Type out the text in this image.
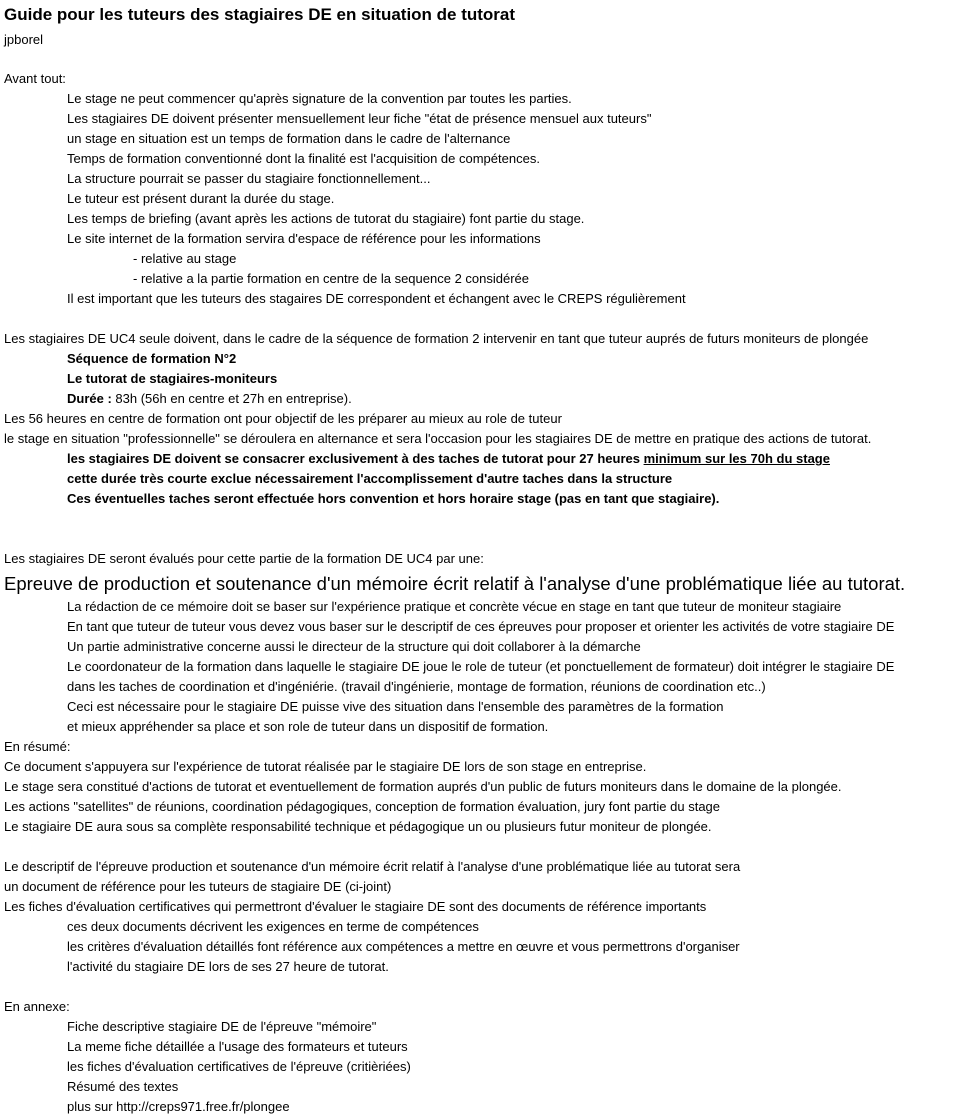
Guide pour les tuteurs des stagiaires DE en situation de tutorat
jpborel
Avant tout:
Le stage ne peut commencer qu'après signature de la convention par toutes les parties.
Les stagiaires DE doivent présenter mensuellement leur fiche "état de présence mensuel aux tuteurs"
un stage en situation est un temps de formation dans le cadre de l'alternance
Temps de formation conventionné dont la finalité est l'acquisition de compétences.
La structure pourrait se passer du stagiaire fonctionnellement...
Le tuteur est présent durant la durée du stage.
Les temps de briefing (avant après les actions de tutorat du stagiaire) font partie du stage.
Le site internet de la formation servira d'espace de référence pour les informations
- relative au stage
- relative a la partie formation en centre de la sequence 2 considérée
Il est important que les tuteurs des stagaires DE correspondent et échangent avec le CREPS régulièrement
Les stagiaires DE UC4 seule doivent, dans le cadre de la séquence de formation 2 intervenir en tant que tuteur auprés de futurs moniteurs de plongée
Séquence de formation N°2
Le tutorat de stagiaires-moniteurs
Durée : 83h (56h en centre et 27h en entreprise).
Les 56 heures en centre de formation ont pour objectif de les préparer au mieux au role de tuteur
le stage en situation "professionnelle" se déroulera en alternance et sera l'occasion pour les stagiaires DE de mettre en pratique des actions de tutorat.
les stagiaires DE doivent se consacrer exclusivement à des taches de tutorat pour 27 heures minimum sur les 70h du stage
cette durée très courte exclue nécessairement l'accomplissement d'autre taches dans la structure
Ces éventuelles taches seront effectuée hors convention et hors horaire stage (pas en tant que stagiaire).
Les stagiaires DE seront évalués pour cette partie de la formation DE UC4 par une:
Epreuve de production et soutenance d'un mémoire écrit relatif à l'analyse d'une problématique liée au tutorat.
La rédaction de ce mémoire doit se baser sur l'expérience pratique et concrète vécue en stage en tant que tuteur de moniteur stagiaire
En tant que tuteur de tuteur vous devez vous baser sur le descriptif de ces épreuves pour proposer et orienter les activités de votre stagiaire DE
Un partie administrative concerne aussi le directeur de la structure qui doit collaborer à la démarche
Le coordonateur de la formation dans laquelle le stagiaire DE joue le role de tuteur (et ponctuellement de formateur) doit intégrer le stagiaire DE
dans les taches de coordination et d'ingéniérie. (travail d'ingénierie, montage de formation, réunions de coordination etc..)
Ceci est nécessaire pour le stagiaire DE puisse vive des situation dans l'ensemble des paramètres de la formation
et mieux appréhender sa place et son role de tuteur dans un dispositif de formation.
En résumé:
Ce document s'appuyera sur l'expérience de tutorat réalisée par le stagiaire DE lors de son stage en entreprise.
Le stage sera constitué d'actions de tutorat et eventuellement de formation auprés d'un public de futurs moniteurs dans le domaine de la plongée.
Les actions "satellites" de réunions, coordination pédagogiques, conception de formation évaluation, jury font partie du stage
Le stagiaire DE aura sous sa complète responsabilité technique et pédagogique un ou plusieurs futur moniteur de plongée.
Le descriptif de l'épreuve production et soutenance d'un mémoire écrit relatif à l'analyse d'une problématique liée au tutorat sera
un document de référence pour les tuteurs de stagiaire DE (ci-joint)
Les fiches d'évaluation certificatives qui permettront d'évaluer le stagiaire DE sont des documents de référence importants
ces deux documents décrivent les exigences en terme de compétences
les critères d'évaluation détaillés font référence aux compétences a mettre en œuvre et vous permettrons d'organiser
l'activité du stagiaire DE lors de ses 27 heure de tutorat.
En annexe:
Fiche descriptive stagiaire DE de l'épreuve "mémoire"
La meme fiche détaillée a l'usage des formateurs et tuteurs
les fiches d'évaluation certificatives de l'épreuve (critièriées)
Résumé des textes
plus sur http://creps971.free.fr/plongee
